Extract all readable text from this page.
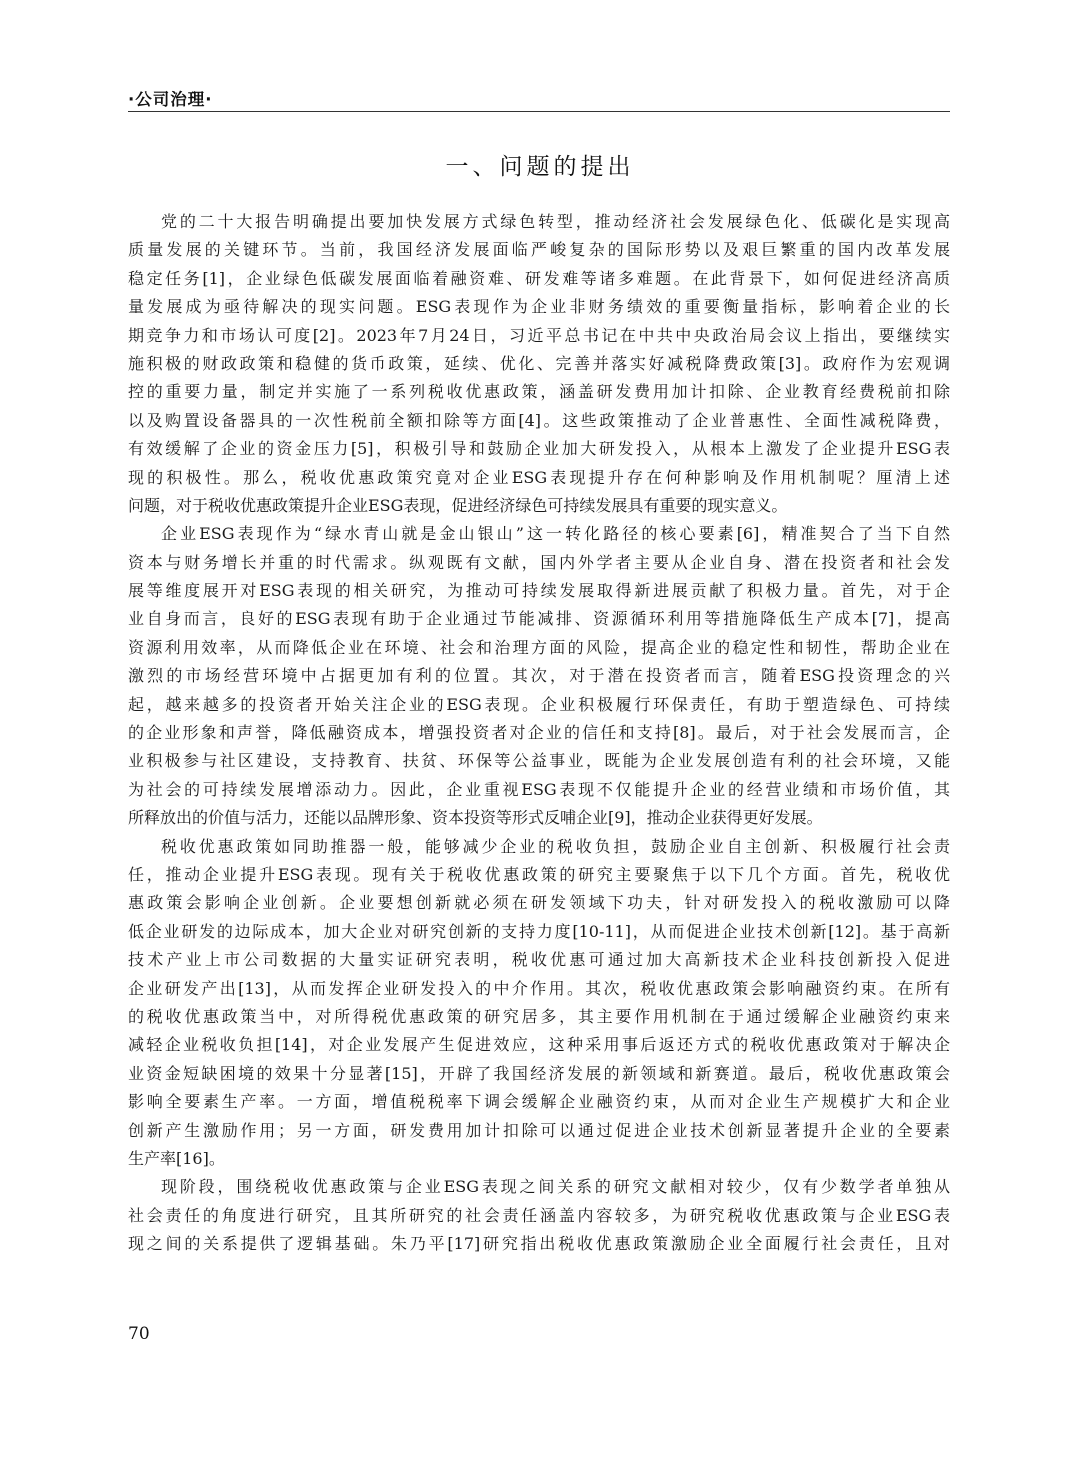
·公司治理·
一、问题的提出
党的二十大报告明确提出要加快发展方式绿色转型，推动经济社会发展绿色化、低碳化是实现高
质量发展的关键环节。当前，我国经济发展面临严峻复杂的国际形势以及艰巨繁重的国内改革发展
稳定任务[1]，企业绿色低碳发展面临着融资难、研发难等诸多难题。在此背景下，如何促进经济高质
量发展成为亟待解决的现实问题。ESG表现作为企业非财务绩效的重要衡量指标，影响着企业的长
期竞争力和市场认可度[2]。2023年7月24日，习近平总书记在中共中央政治局会议上指出，要继续实
施积极的财政政策和稳健的货币政策，延续、优化、完善并落实好减税降费政策[3]。政府作为宏观调
控的重要力量，制定并实施了一系列税收优惠政策，涵盖研发费用加计扣除、企业教育经费税前扣除
以及购置设备器具的一次性税前全额扣除等方面[4]。这些政策推动了企业普惠性、全面性减税降费，
有效缓解了企业的资金压力[5]，积极引导和鼓励企业加大研发投入，从根本上激发了企业提升ESG表
现的积极性。那么，税收优惠政策究竟对企业ESG表现提升存在何种影响及作用机制呢？厘清上述
问题，对于税收优惠政策提升企业ESG表现，促进经济绿色可持续发展具有重要的现实意义。
企业ESG表现作为“绿水青山就是金山银山”这一转化路径的核心要素[6]，精准契合了当下自然
资本与财务增长并重的时代需求。纵观既有文献，国内外学者主要从企业自身、潜在投资者和社会发
展等维度展开对ESG表现的相关研究，为推动可持续发展取得新进展贡献了积极力量。首先，对于企
业自身而言，良好的ESG表现有助于企业通过节能减排、资源循环利用等措施降低生产成本[7]，提高
资源利用效率，从而降低企业在环境、社会和治理方面的风险，提高企业的稳定性和韧性，帮助企业在
激烈的市场经营环境中占据更加有利的位置。其次，对于潜在投资者而言，随着ESG投资理念的兴
起，越来越多的投资者开始关注企业的ESG表现。企业积极履行环保责任，有助于塑造绿色、可持续
的企业形象和声誉，降低融资成本，增强投资者对企业的信任和支持[8]。最后，对于社会发展而言，企
业积极参与社区建设，支持教育、扶贫、环保等公益事业，既能为企业发展创造有利的社会环境，又能
为社会的可持续发展增添动力。因此，企业重视ESG表现不仅能提升企业的经营业绩和市场价值，其
所释放出的价值与活力，还能以品牌形象、资本投资等形式反哺企业[9]，推动企业获得更好发展。
税收优惠政策如同助推器一般，能够减少企业的税收负担，鼓励企业自主创新、积极履行社会责
任，推动企业提升ESG表现。现有关于税收优惠政策的研究主要聚焦于以下几个方面。首先，税收优
惠政策会影响企业创新。企业要想创新就必须在研发领域下功夫，针对研发投入的税收激励可以降
低企业研发的边际成本，加大企业对研究创新的支持力度[10-11]，从而促进企业技术创新[12]。基于高新
技术产业上市公司数据的大量实证研究表明，税收优惠可通过加大高新技术企业科技创新投入促进
企业研发产出[13]，从而发挥企业研发投入的中介作用。其次，税收优惠政策会影响融资约束。在所有
的税收优惠政策当中，对所得税优惠政策的研究居多，其主要作用机制在于通过缓解企业融资约束来
减轻企业税收负担[14]，对企业发展产生促进效应，这种采用事后返还方式的税收优惠政策对于解决企
业资金短缺困境的效果十分显著[15]，开辟了我国经济发展的新领域和新赛道。最后，税收优惠政策会
影响全要素生产率。一方面，增值税税率下调会缓解企业融资约束，从而对企业生产规模扩大和企业
创新产生激励作用；另一方面，研发费用加计扣除可以通过促进企业技术创新显著提升企业的全要素
生产率[16]。
现阶段，围绕税收优惠政策与企业ESG表现之间关系的研究文献相对较少，仅有少数学者单独从
社会责任的角度进行研究，且其所研究的社会责任涵盖内容较多，为研究税收优惠政策与企业ESG表
现之间的关系提供了逻辑基础。朱乃平[17]研究指出税收优惠政策激励企业全面履行社会责任，且对
70
